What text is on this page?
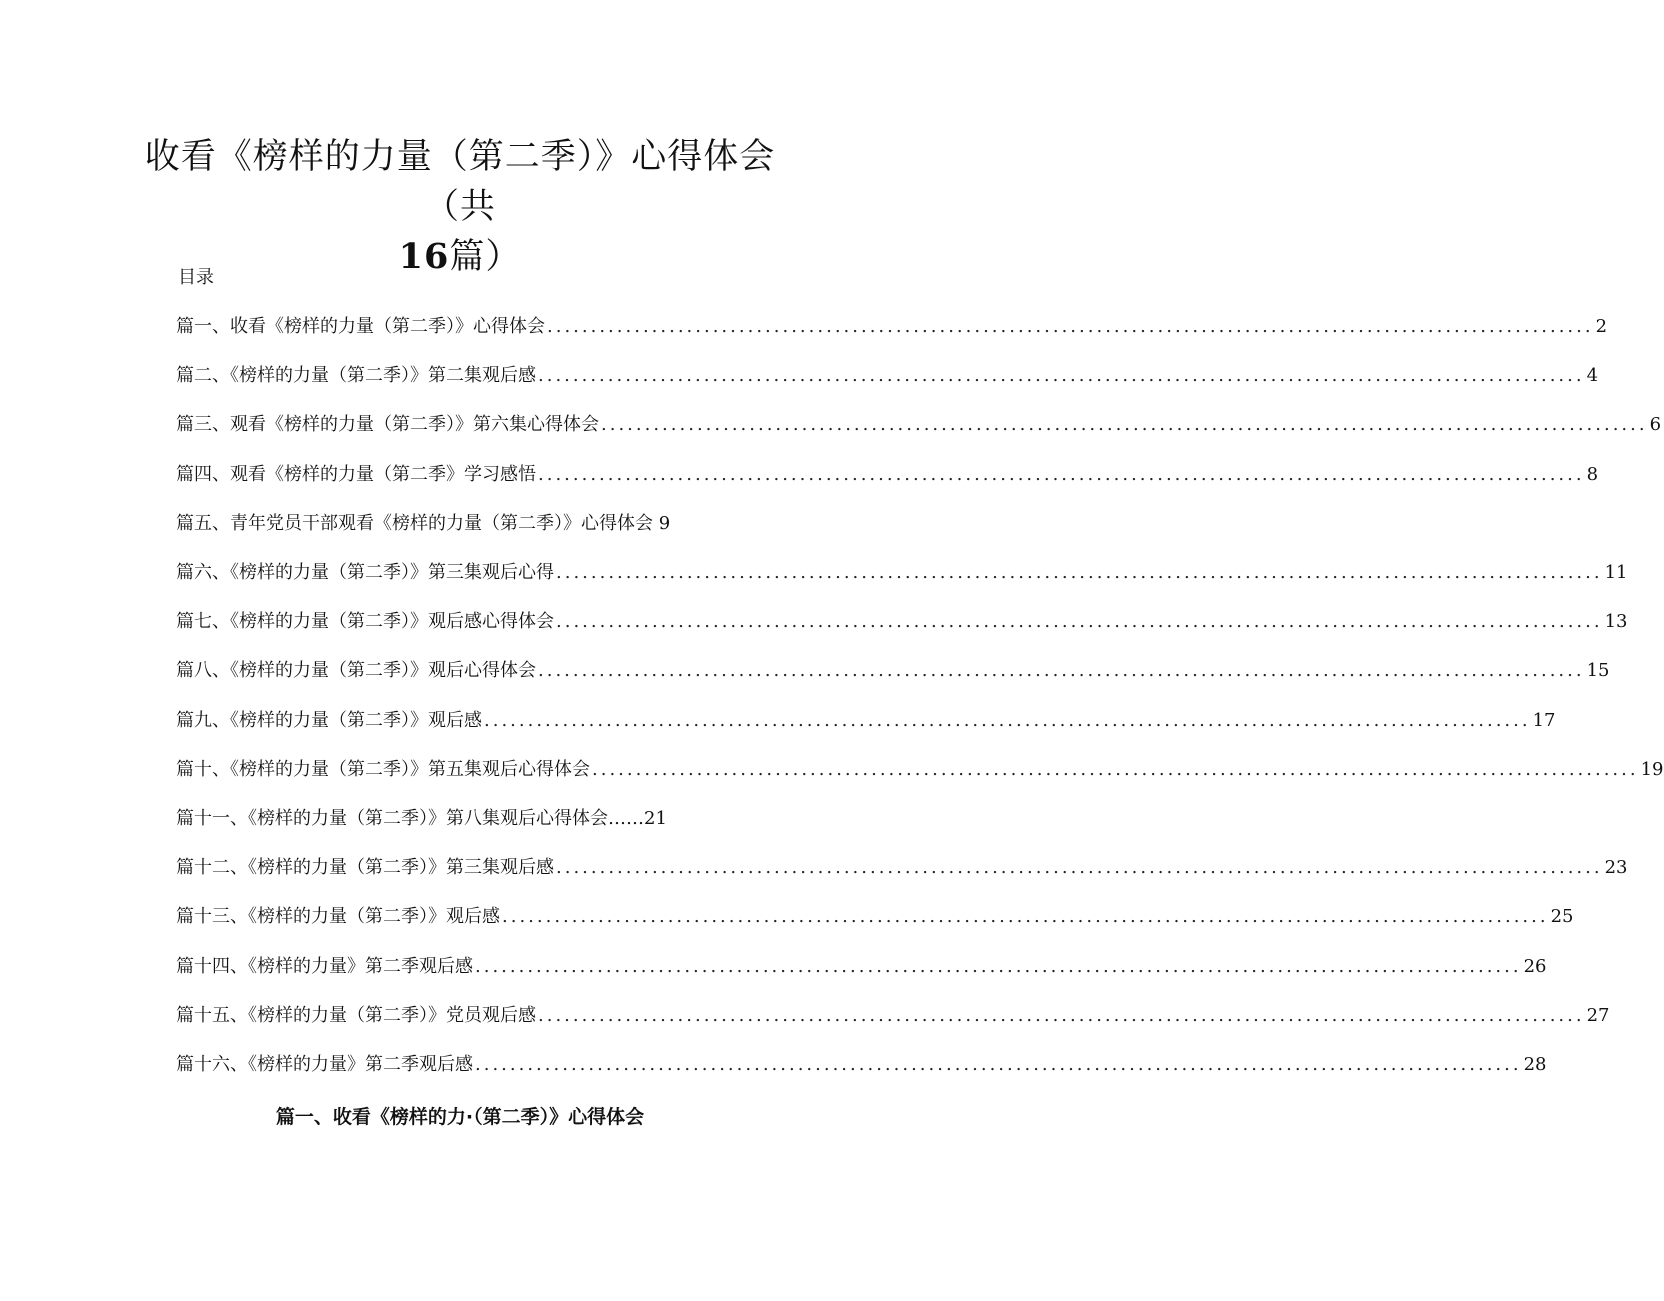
收看《榜样的力量（第二季）》心得体会（共
16篇）
目录
篇一、收看《榜样的力量（第二季）》心得体会 ........................................................................................................................ 2
篇二、《榜样的力量（第二季）》第二集观后感 ........................................................................................................................ 4
篇三、观看《榜样的力量（第二季）》第六集心得体会 ........................................................................................................................ 6
篇四、观看《榜样的力量（第二季》学习感悟 ........................................................................................................................ 8
篇五、青年党员干部观看《榜样的力量（第二季）》心得体会 9
篇六、《榜样的力量（第二季）》第三集观后心得 ........................................................................................................................ 11
篇七、《榜样的力量（第二季）》观后感心得体会 ........................................................................................................................ 13
篇八、《榜样的力量（第二季）》观后心得体会 ........................................................................................................................ 15
篇九、《榜样的力量（第二季）》观后感 ........................................................................................................................ 17
篇十、《榜样的力量（第二季）》第五集观后心得体会 ........................................................................................................................ 19
篇十一、《榜样的力量（第二季）》第八集观后心得体会……21
篇十二、《榜样的力量（第二季）》第三集观后感 ........................................................................................................................ 23
篇十三、《榜样的力量（第二季）》观后感 ........................................................................................................................ 25
篇十四、《榜样的力量》第二季观后感 ........................................................................................................................ 26
篇十五、《榜样的力量（第二季）》党员观后感 ........................................................................................................................ 27
篇十六、《榜样的力量》第二季观后感 ........................................................................................................................ 28
篇一、收看《榜样的力·（第二季）》心得体会
